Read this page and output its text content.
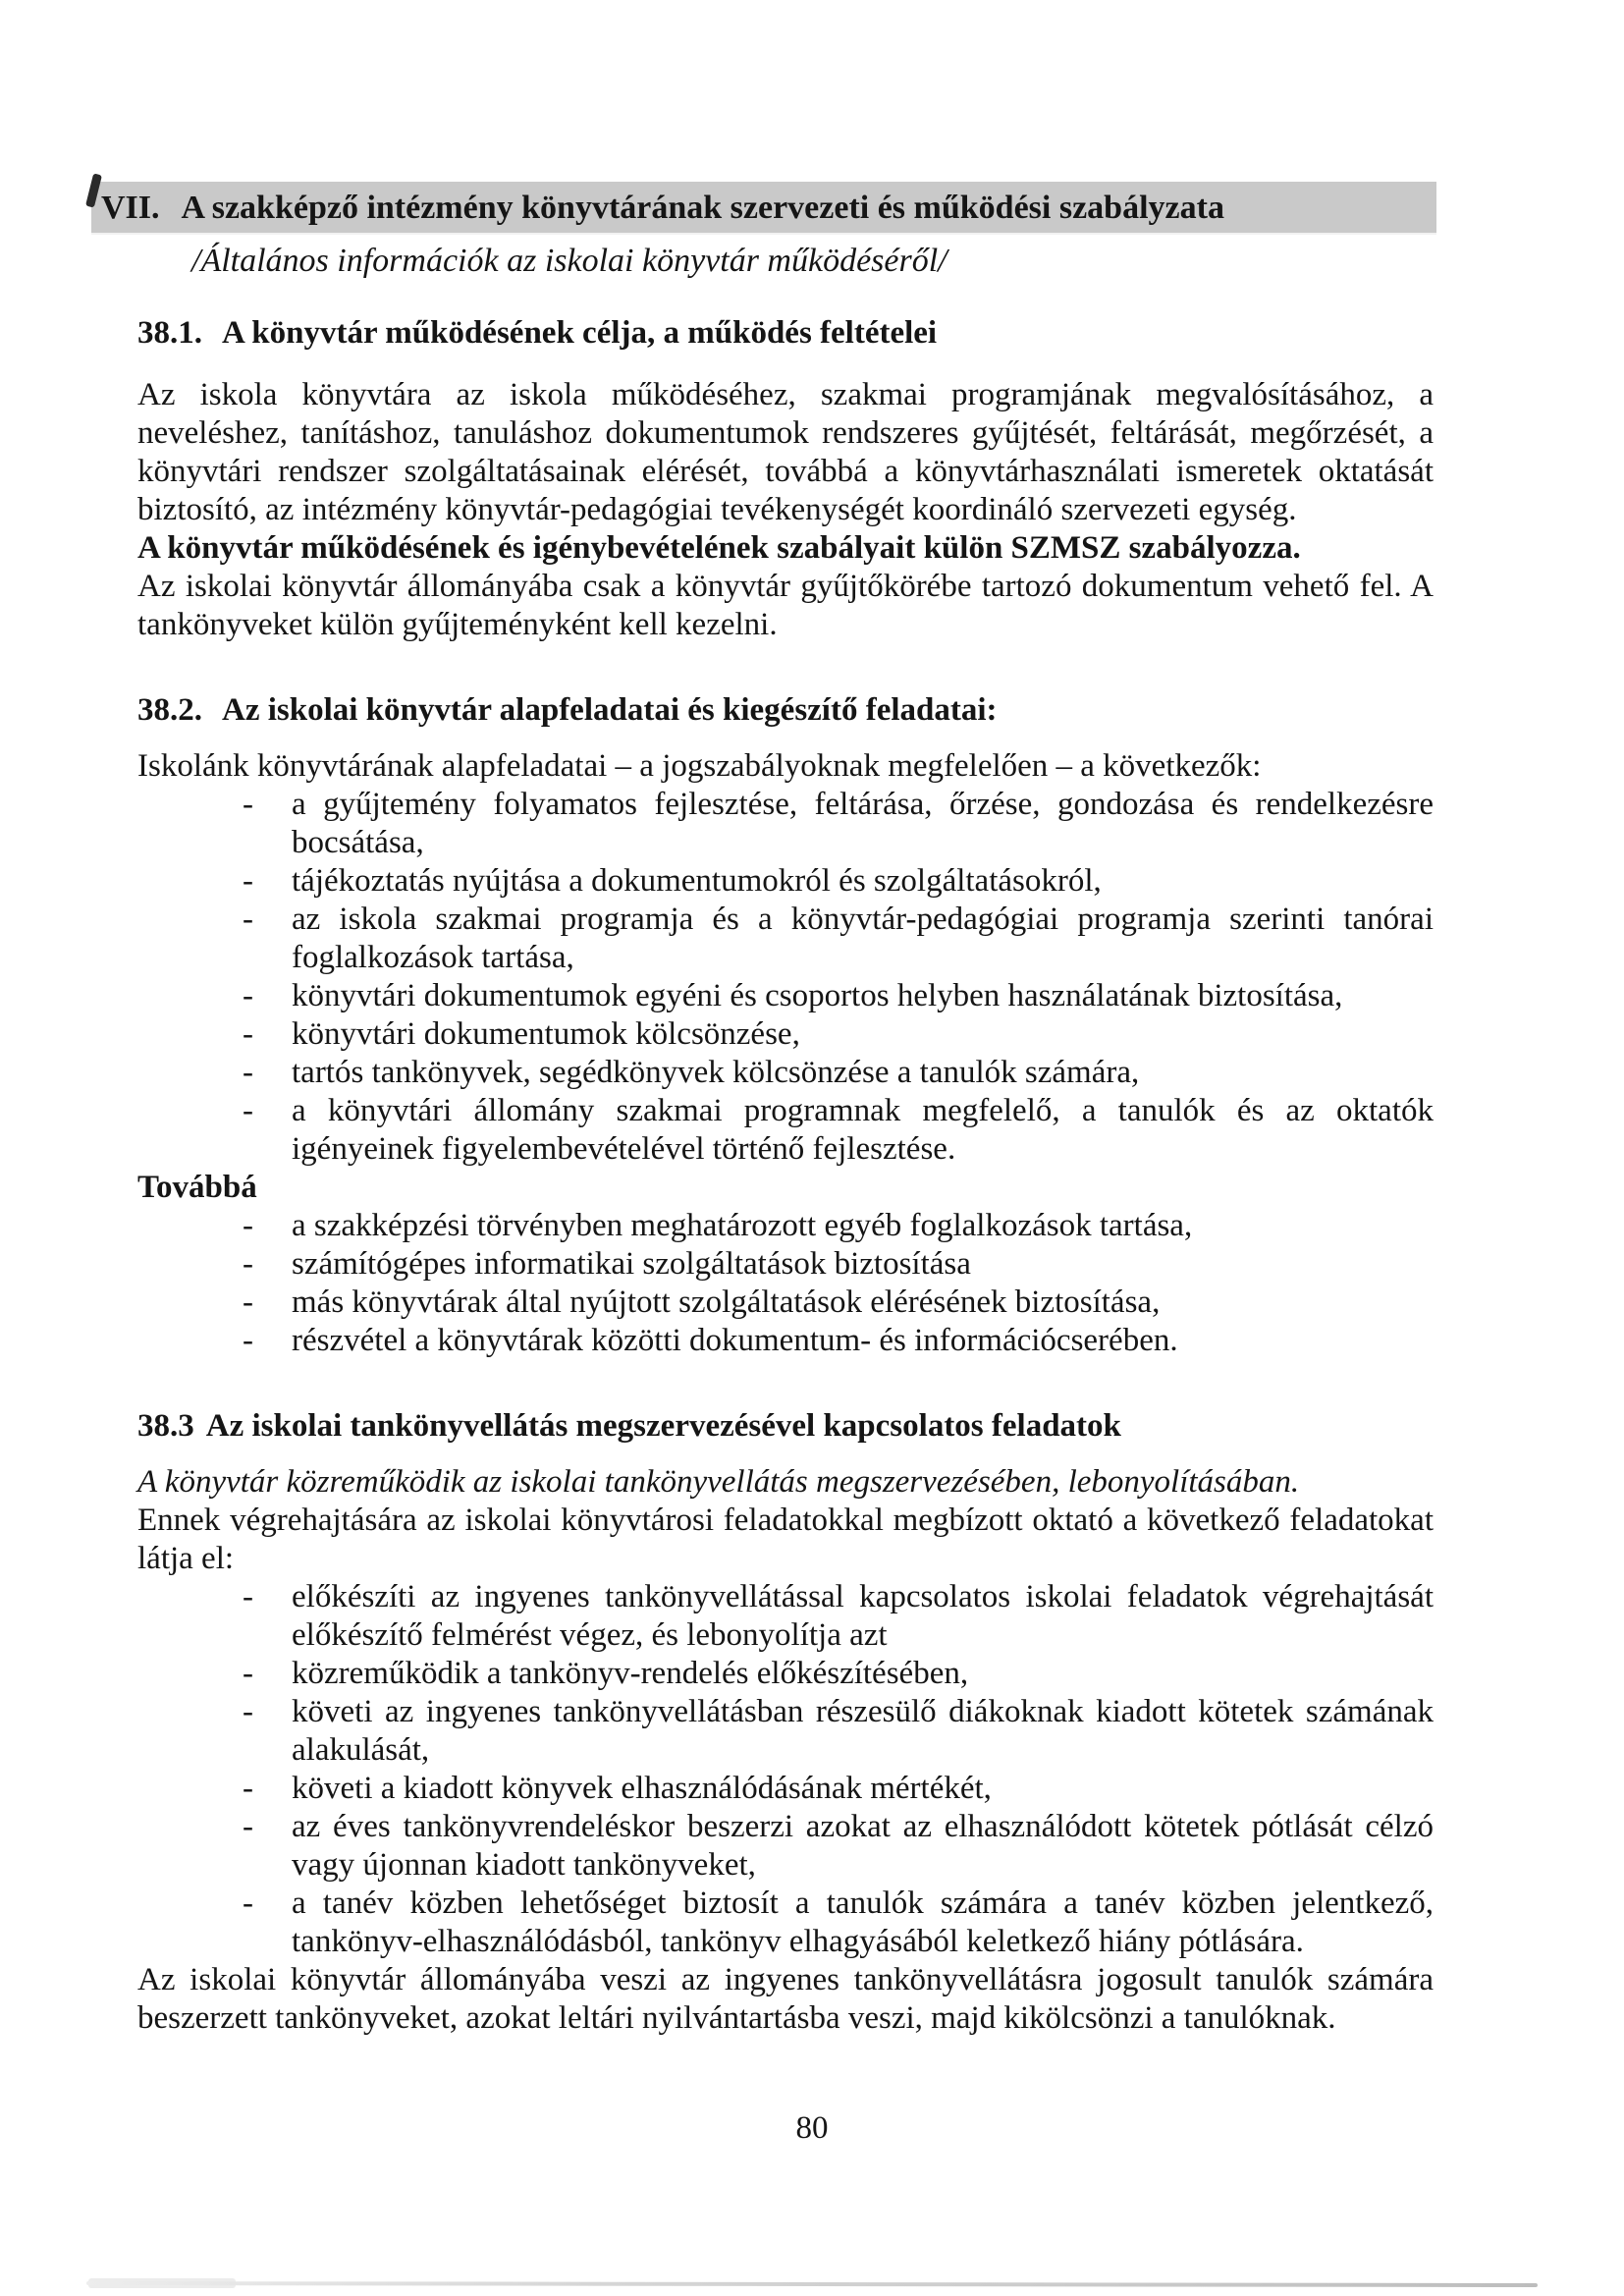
VII. A szakképző intézmény könyvtárának szervezeti és működési szabályzata
/Általános információk az iskolai könyvtár működéséről/
38.1. A könyvtár működésének célja, a működés feltételei

Az iskola könyvtára az iskola működéséhez, szakmai programjának megvalósításához, a neveléshez, tanításhoz, tanuláshoz dokumentumok rendszeres gyűjtését, feltárását, megőrzését, a könyvtári rendszer szolgáltatásainak elérését, továbbá a könyvtárhasználati ismeretek oktatását biztosító, az intézmény könyvtár-pedagógiai tevékenységét koordináló szervezeti egység.

A könyvtár működésének és igénybevételének szabályait külön SZMSZ szabályozza.

Az iskolai könyvtár állományába csak a könyvtár gyűjtőkörébe tartozó dokumentum vehető fel. A tankönyveket külön gyűjteményként kell kezelni.

38.2. Az iskolai könyvtár alapfeladatai és kiegészítő feladatai:

Iskolánk könyvtárának alapfeladatai – a jogszabályoknak megfelelően – a következők:

- a gyűjtemény folyamatos fejlesztése, feltárása, őrzése, gondozása és rendelkezésre bocsátása,
- tájékoztatás nyújtása a dokumentumokról és szolgáltatásokról,
- az iskola szakmai programja és a könyvtár-pedagógiai programja szerinti tanórai foglalkozások tartása,
- könyvtári dokumentumok egyéni és csoportos helyben használatának biztosítása,
- könyvtári dokumentumok kölcsönzése,
- tartós tankönyvek, segédkönyvek kölcsönzése a tanulók számára,
- a könyvtári állomány szakmai programnak megfelelő, a tanulók és az oktatók igényeinek figyelembevételével történő fejlesztése.

Továbbá

- a szakképzési törvényben meghatározott egyéb foglalkozások tartása,
- számítógépes informatikai szolgáltatások biztosítása
- más könyvtárak által nyújtott szolgáltatások elérésének biztosítása,
- részvétel a könyvtárak közötti dokumentum- és információcserében.
38.3 Az iskolai tankönyvellátás megszervezésével kapcsolatos feladatok

A könyvtár közreműködik az iskolai tankönyvellátás megszervezésében, lebonyolításában.

Ennek végrehajtására az iskolai könyvtárosi feladatokkal megbízott oktató a következő feladatokat látja el:

- előkészíti az ingyenes tankönyvellátással kapcsolatos iskolai feladatok végrehajtását előkészítő felmérést végez, és lebonyolítja azt
- közreműködik a tankönyv-rendelés előkészítésében,
- követi az ingyenes tankönyvellátásban részesülő diákoknak kiadott kötetek számának alakulását,
- követi a kiadott könyvek elhasználódásának mértékét,
- az éves tankönyvrendeléskor beszerzi azokat az elhasználódott kötetek pótlását célzó vagy újonnan kiadott tankönyveket,
- a tanév közben lehetőséget biztosít a tanulók számára a tanév közben jelentkező, tankönyv-elhasználódásból, tankönyv elhagyásából keletkező hiány pótlására.

Az iskolai könyvtár állományába veszi az ingyenes tankönyvellátásra jogosult tanulók számára beszerzett tankönyveket, azokat leltári nyilvántartásba veszi, majd kikölcsönzi a tanulóknak.

80
